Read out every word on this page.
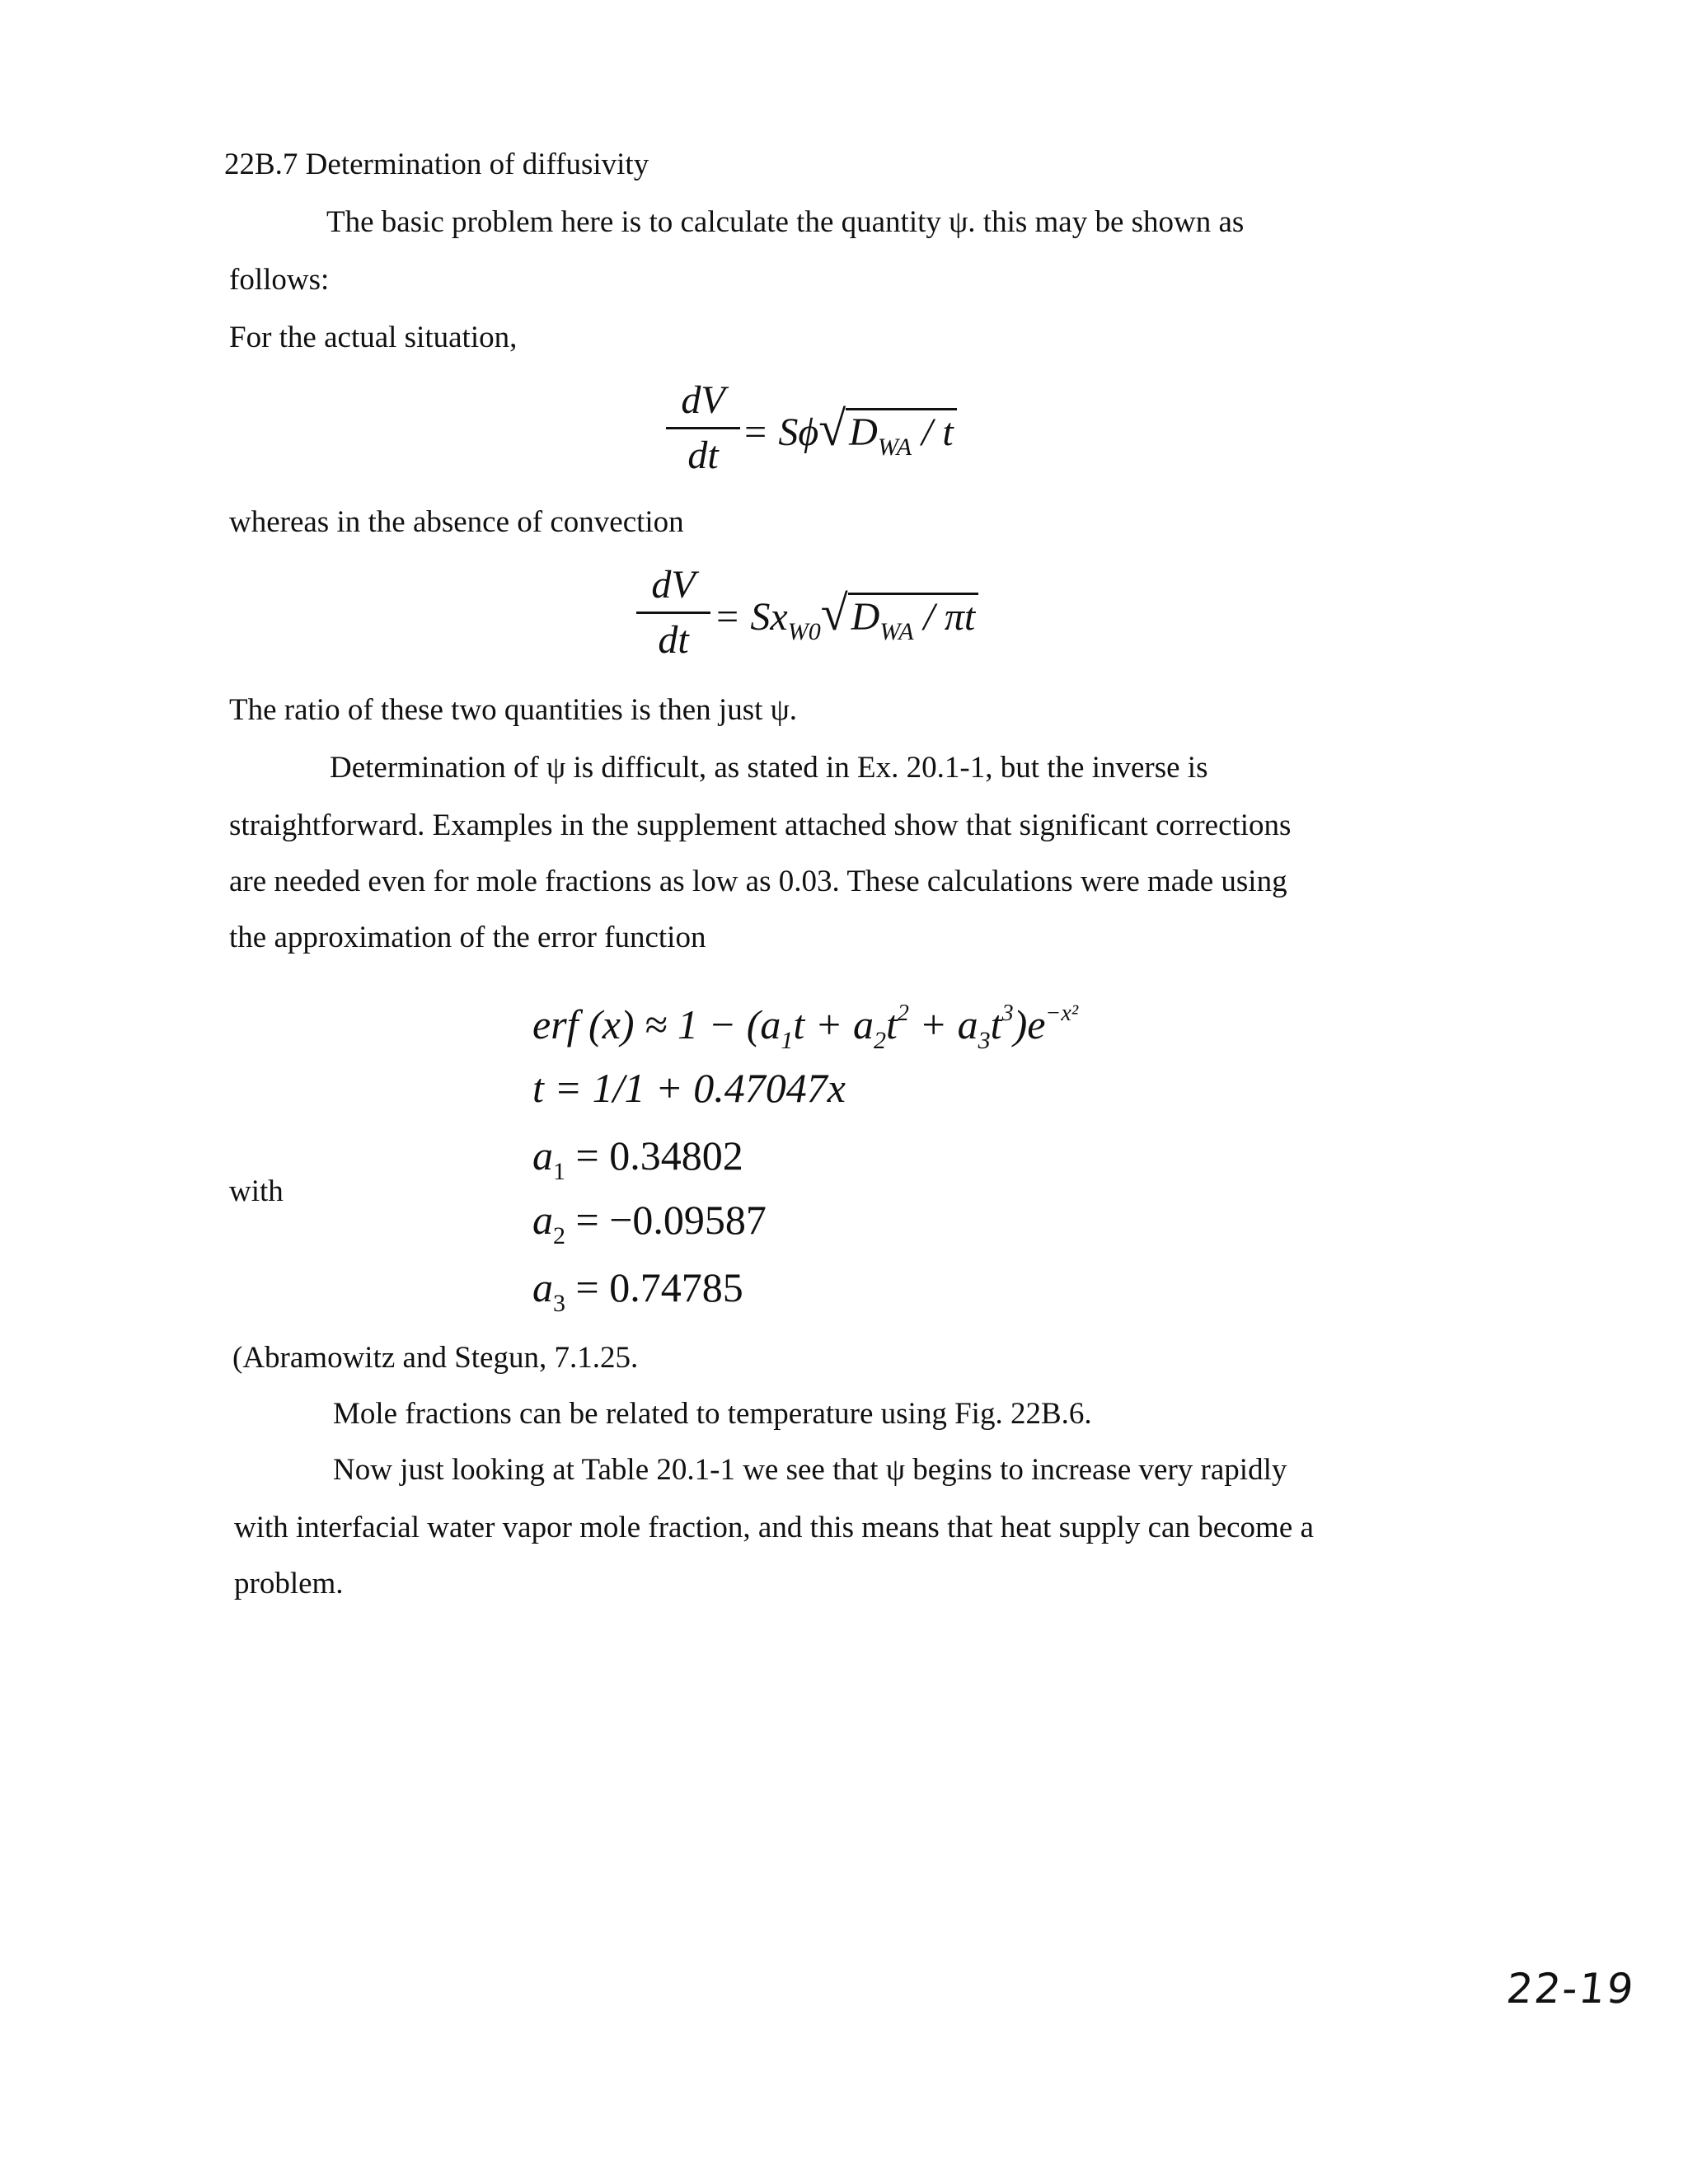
22B.7 Determination of diffusivity
The basic problem here is to calculate the quantity ψ. this may be shown as
follows:
For the actual situation,
dV
dt
= $S\phi√D_{WA}$ / t
whereas in the absence of convection
dV
dt
= $Sx_{W0}√D_{WA}$ / πt
The ratio of these two quantities is then just ψ.
Determination of ψ is difficult, as stated in Ex. 20.1-1, but the inverse is
straightforward. Examples in the supplement attached show that significant corrections
are needed even for mole fractions as low as 0.03. These calculations were made using
the approximation of the error function
erf $(x) \approx 1 - (a_1t + a_2t^2 + a_3t^3)e^{-x^2}$
t = 1/1 + 0.47047x
with
$a_1 = 0.34802$
$a_2 = -0.09587$
$a_3 = 0.74785$
(Abramowitz and Stegun, 7.1.25.
Mole fractions can be related to temperature using Fig. 22B.6.
Now just looking at Table 20.1-1 we see that ψ begins to increase very rapidly
with interfacial water vapor mole fraction, and this means that heat supply can become a
problem.
22-19
